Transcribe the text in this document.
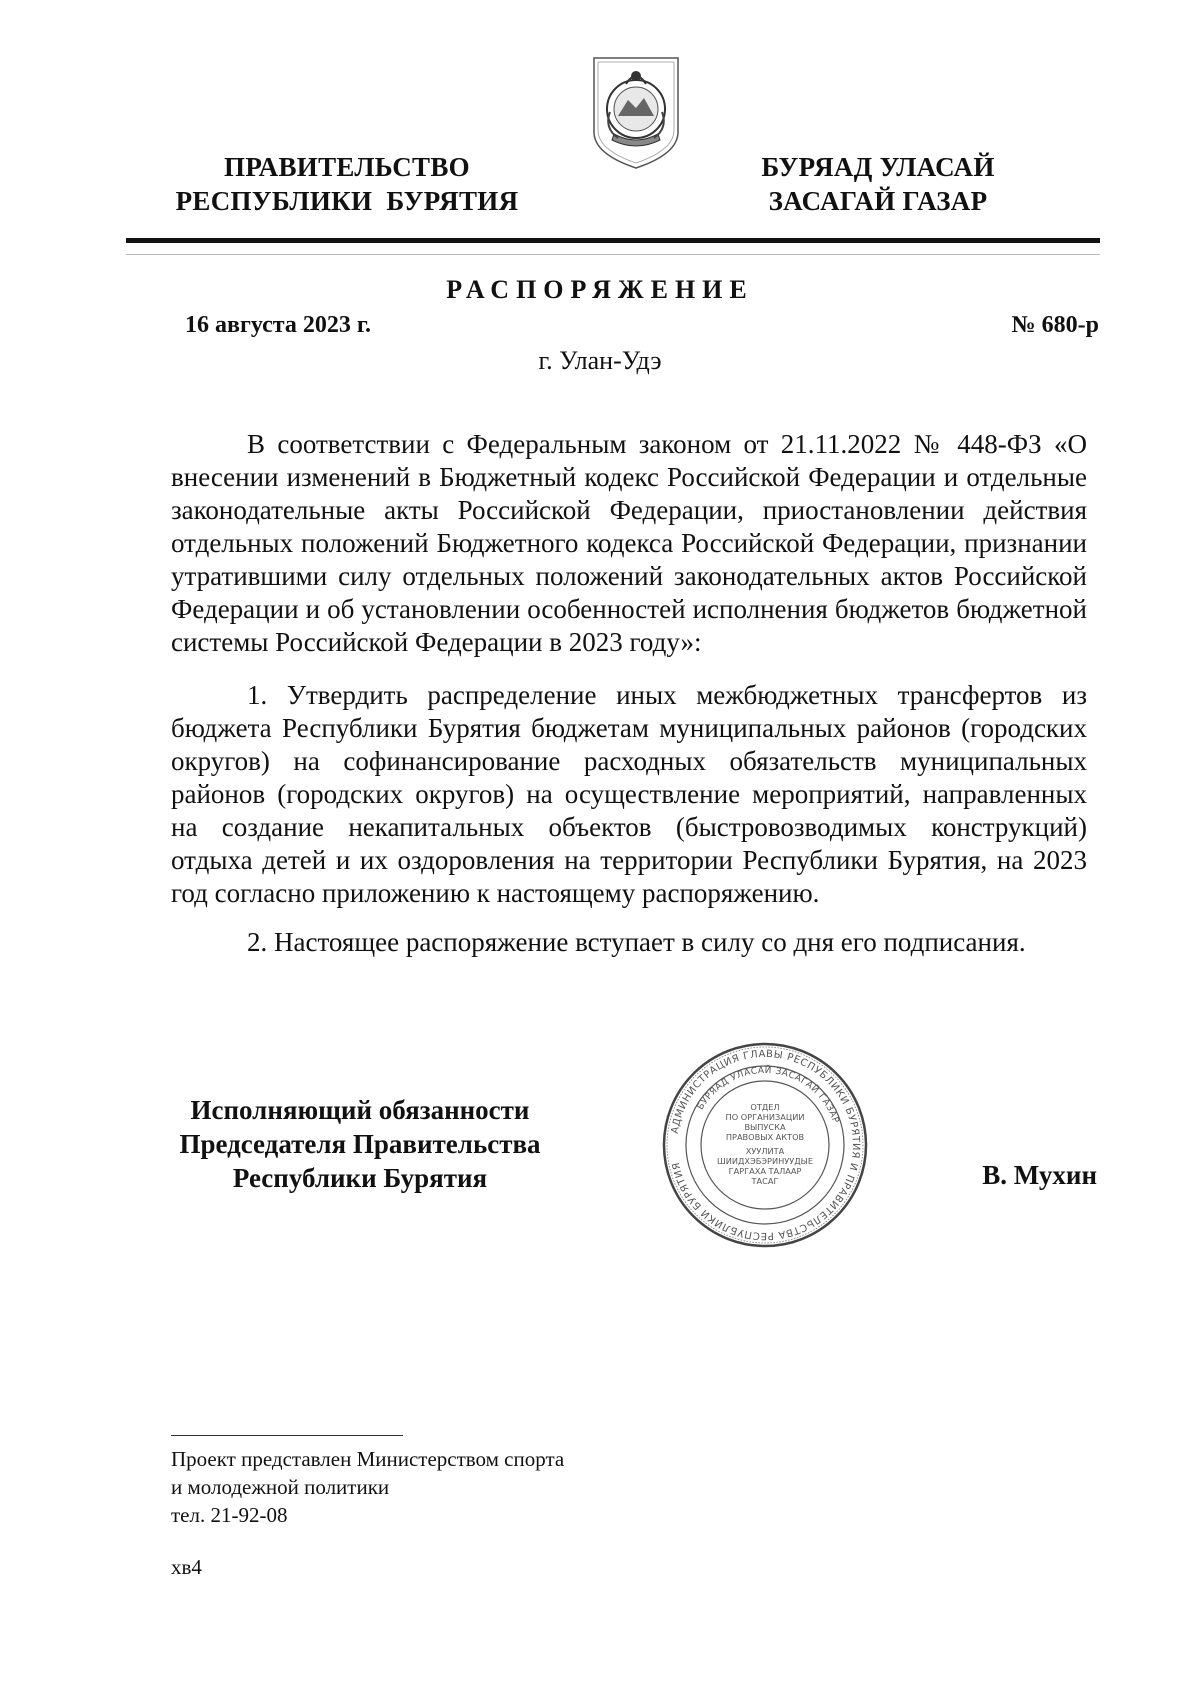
ПРАВИТЕЛЬСТВО
РЕСПУБЛИКИ  БУРЯТИЯ
БУРЯАД УЛАСАЙ
ЗАСАГАЙ ГАЗАР
РАСПОРЯЖЕНИЕ
16 августа 2023 г.	№ 680-р
г. Улан-Удэ

В соответствии с Федеральным законом от 21.11.2022 № 448-ФЗ «О внесении изменений в Бюджетный кодекс Российской Федерации и отдельные законодательные акты Российской Федерации, приостановлении действия отдельных положений Бюджетного кодекса Российской Федерации, признании утратившими силу отдельных положений законодательных актов Российской Федерации и об установлении особенностей исполнения бюджетов бюджетной системы Российской Федерации в 2023 году»:

1. Утвердить распределение иных межбюджетных трансфертов из бюджета Республики Бурятия бюджетам муниципальных районов (городских округов) на софинансирование расходных обязательств муниципальных районов (городских округов) на осуществление мероприятий, направленных на создание некапитальных объектов (быстровозводимых конструкций) отдыха детей и их оздоровления на территории Республики Бурятия, на 2023 год согласно приложению к настоящему распоряжению.

2. Настоящее распоряжение вступает в силу со дня его подписания.

Исполняющий обязанности
Председателя Правительства
Республики Бурятия
АДМИНИСТРАЦИЯ ГЛАВЫ РЕСПУБЛИКИ БУРЯТИЯ И ПРАВИТЕЛЬСТВА РЕСПУБЛИКИ БУРЯТИЯ
БУРЯАД УЛАСАЙ ЗАСАГАЙ ГАЗАР
ОТДЕЛ
ПО ОРГАНИЗАЦИИ
ВЫПУСКА
ПРАВОВЫХ АКТОВ
ХУУЛИТА
ШИИДХЭБЭРИНУУДЫЕ
ГАРГАХА ТАЛААР
ТАСАГ	В. Мухин
Проект представлен Министерством спорта
и молодежной политики
тел. 21-92-08
хв4
